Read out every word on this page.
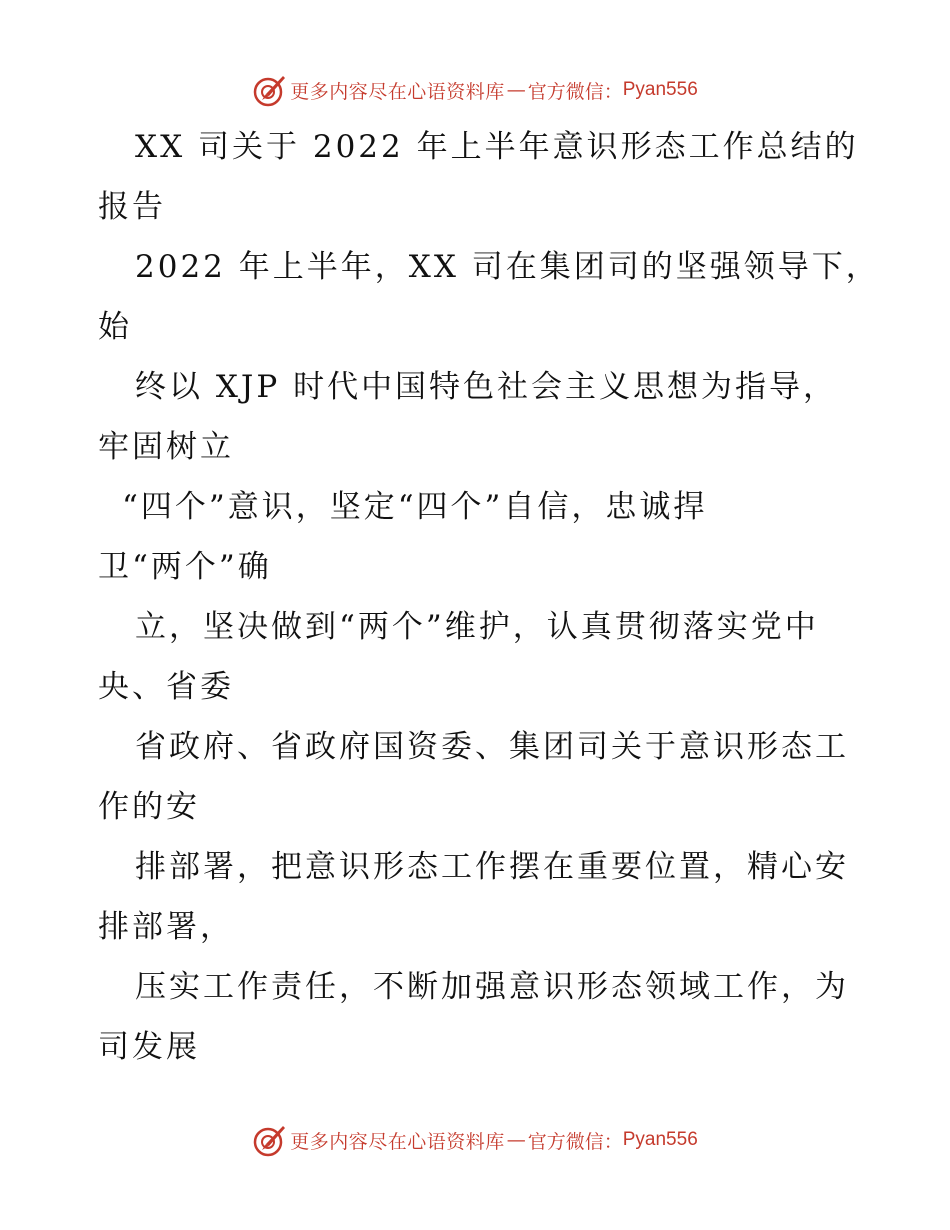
更多内容尽在心语资料库 — 官方微信： Pyan556
XX 司关于 2022 年上半年意识形态工作总结的
报告
2022 年上半年，XX 司在集团司的坚强领导下，
始
终以 XJP 时代中国特色社会主义思想为指导，
牢固树立
“四个”意识，坚定“四个”自信，忠诚捍
卫“两个”确
立，坚决做到“两个”维护，认真贯彻落实党中
央、省委
省政府、省政府国资委、集团司关于意识形态工
作的安
排部署，把意识形态工作摆在重要位置，精心安
排部署，
压实工作责任，不断加强意识形态领域工作，为
司发展
更多内容尽在心语资料库 — 官方微信： Pyan556
